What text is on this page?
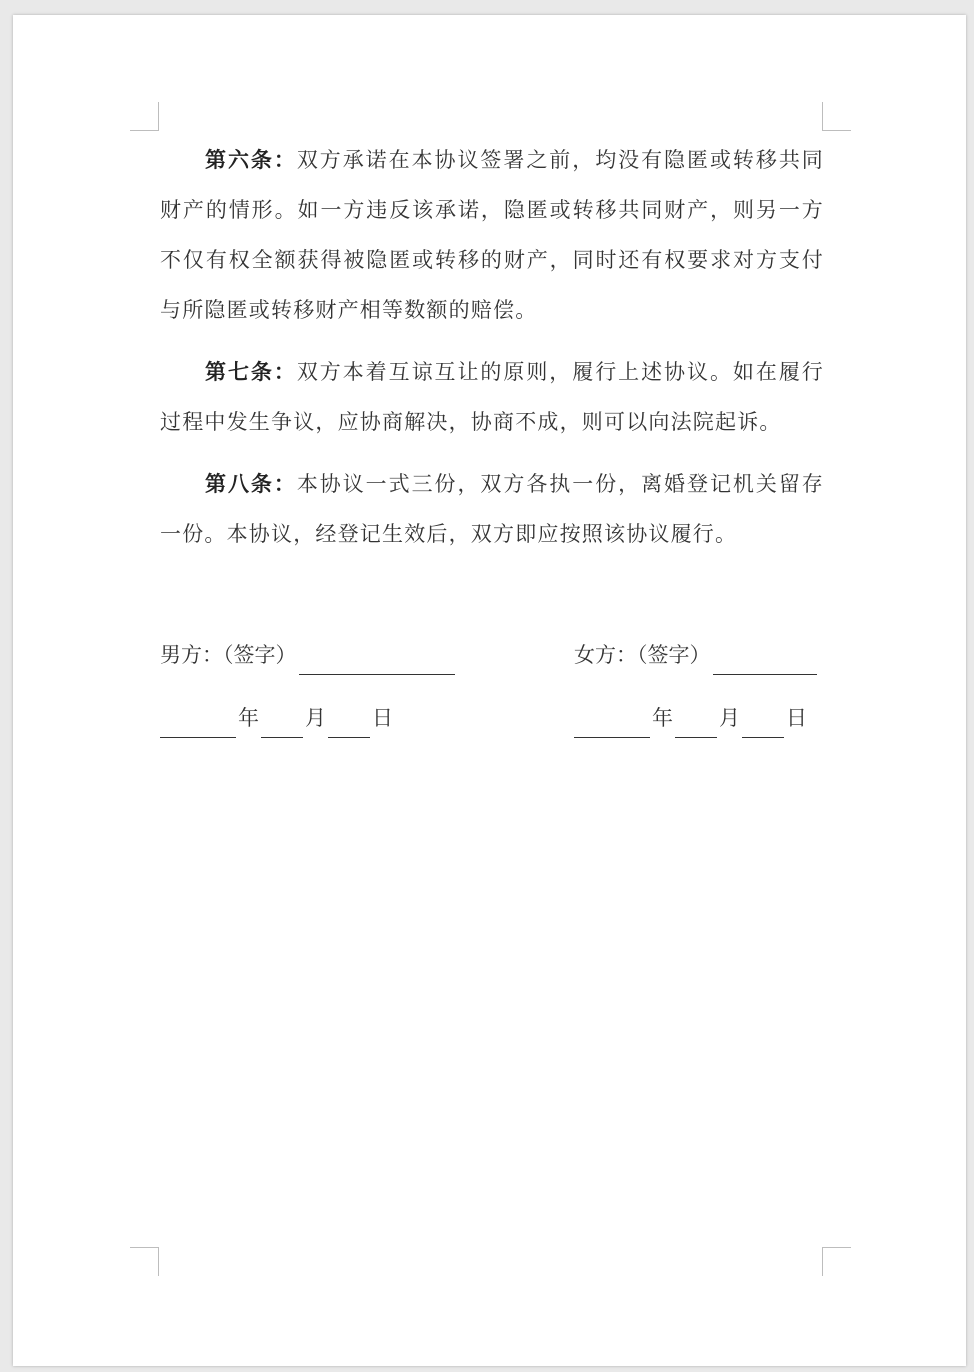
第六条：双方承诺在本协议签署之前，均没有隐匿或转移共同财产的情形。如一方违反该承诺，隐匿或转移共同财产，则另一方不仅有权全额获得被隐匿或转移的财产，同时还有权要求对方支付与所隐匿或转移财产相等数额的赔偿。

第七条：双方本着互谅互让的原则，履行上述协议。如在履行过程中发生争议，应协商解决，协商不成，则可以向法院起诉。

第八条：本协议一式三份，双方各执一份，离婚登记机关留存一份。本协议，经登记生效后，双方即应按照该协议履行。

男方：（签字）	女方：（签字）
年 月 日	年 月 日
